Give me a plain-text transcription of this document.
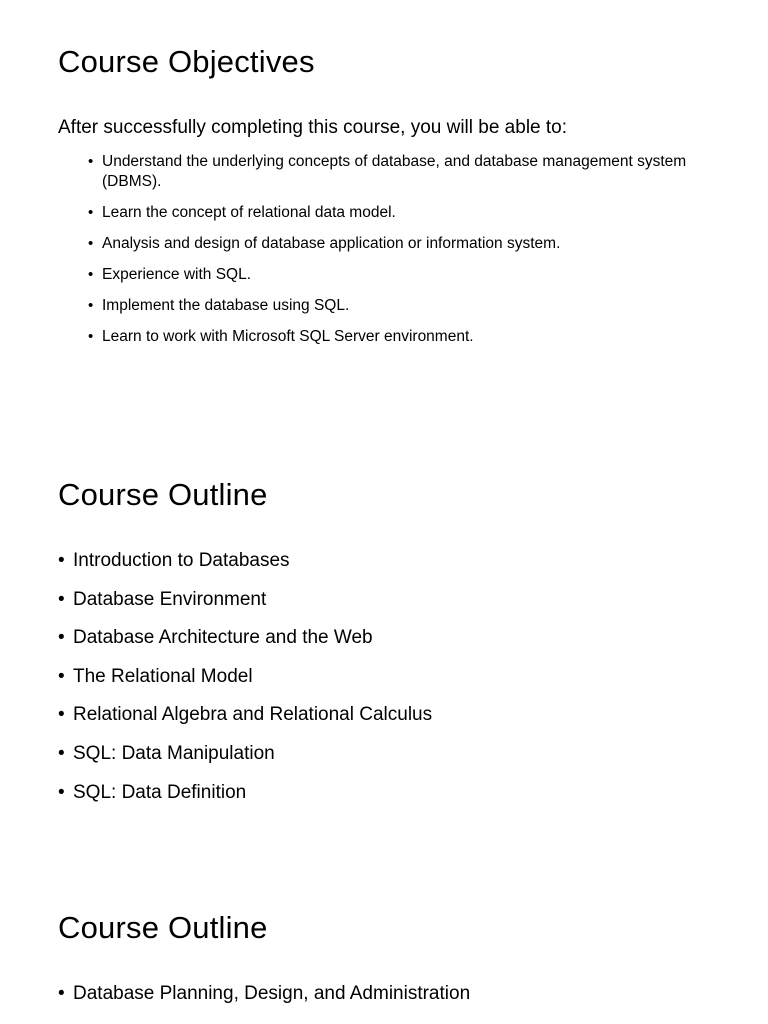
Course Objectives

After successfully completing this course, you will be able to:

• Understand the underlying concepts of database, and database management system (DBMS).
• Learn the concept of relational data model.
• Analysis and design of database application or information system.
• Experience with SQL.
• Implement the database using SQL.
• Learn to work with Microsoft SQL Server environment.
Course Outline
• Introduction to Databases
• Database Environment
• Database Architecture and the Web
• The Relational Model
• Relational Algebra and Relational Calculus
• SQL: Data Manipulation
• SQL: Data Definition
Course Outline
• Database Planning, Design, and Administration
